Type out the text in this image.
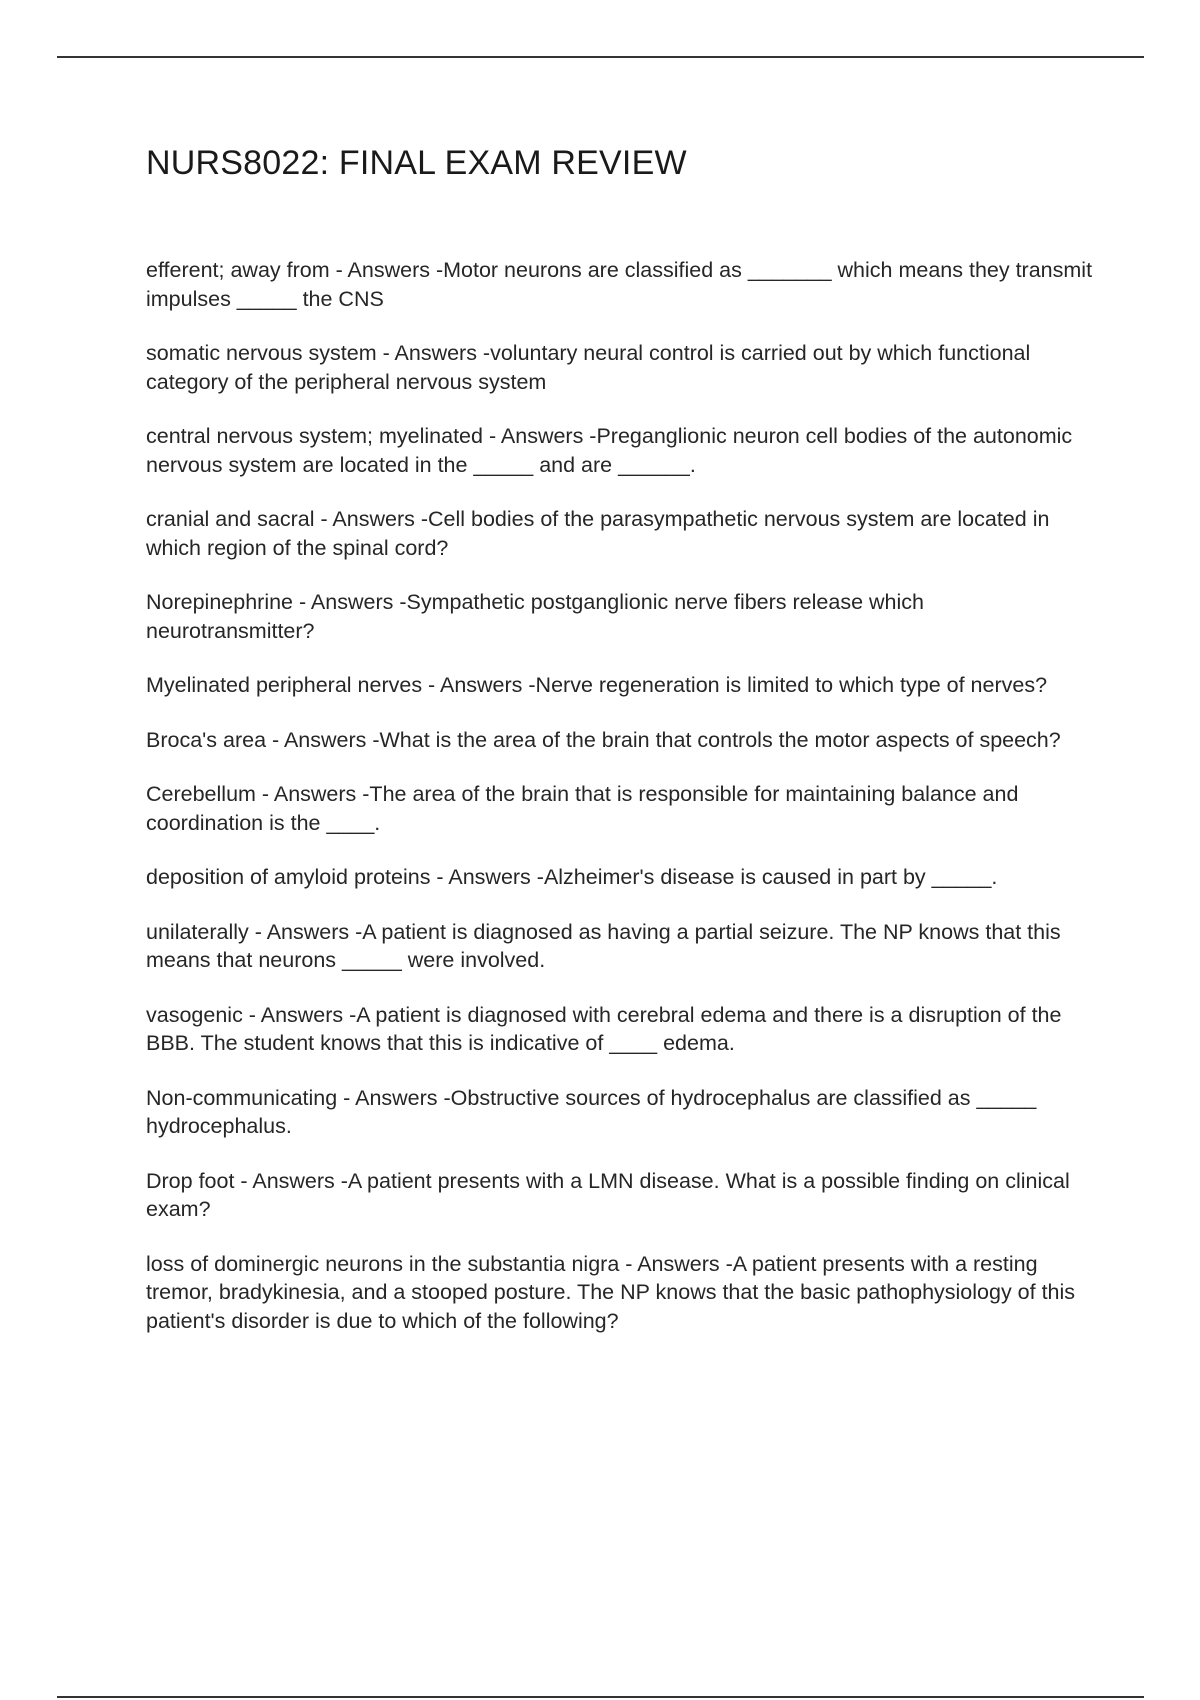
NURS8022: FINAL EXAM REVIEW
efferent; away from - Answers -Motor neurons are classified as _______ which means they transmit impulses _____ the CNS
somatic nervous system - Answers -voluntary neural control is carried out by which functional category of the peripheral nervous system
central nervous system; myelinated - Answers -Preganglionic neuron cell bodies of the autonomic nervous system are located in the _____ and are ______.
cranial and sacral - Answers -Cell bodies of the parasympathetic nervous system are located in which region of the spinal cord?
Norepinephrine - Answers -Sympathetic postganglionic nerve fibers release which neurotransmitter?
Myelinated peripheral nerves - Answers -Nerve regeneration is limited to which type of nerves?
Broca's area - Answers -What is the area of the brain that controls the motor aspects of speech?
Cerebellum - Answers -The area of the brain that is responsible for maintaining balance and coordination is the ____.
deposition of amyloid proteins - Answers -Alzheimer's disease is caused in part by _____.
unilaterally - Answers -A patient is diagnosed as having a partial seizure. The NP knows that this means that neurons _____ were involved.
vasogenic - Answers -A patient is diagnosed with cerebral edema and there is a disruption of the BBB. The student knows that this is indicative of ____ edema.
Non-communicating - Answers -Obstructive sources of hydrocephalus are classified as _____ hydrocephalus.
Drop foot - Answers -A patient presents with a LMN disease. What is a possible finding on clinical exam?
loss of dominergic neurons in the substantia nigra - Answers -A patient presents with a resting tremor, bradykinesia, and a stooped posture. The NP knows that the basic pathophysiology of this patient's disorder is due to which of the following?
